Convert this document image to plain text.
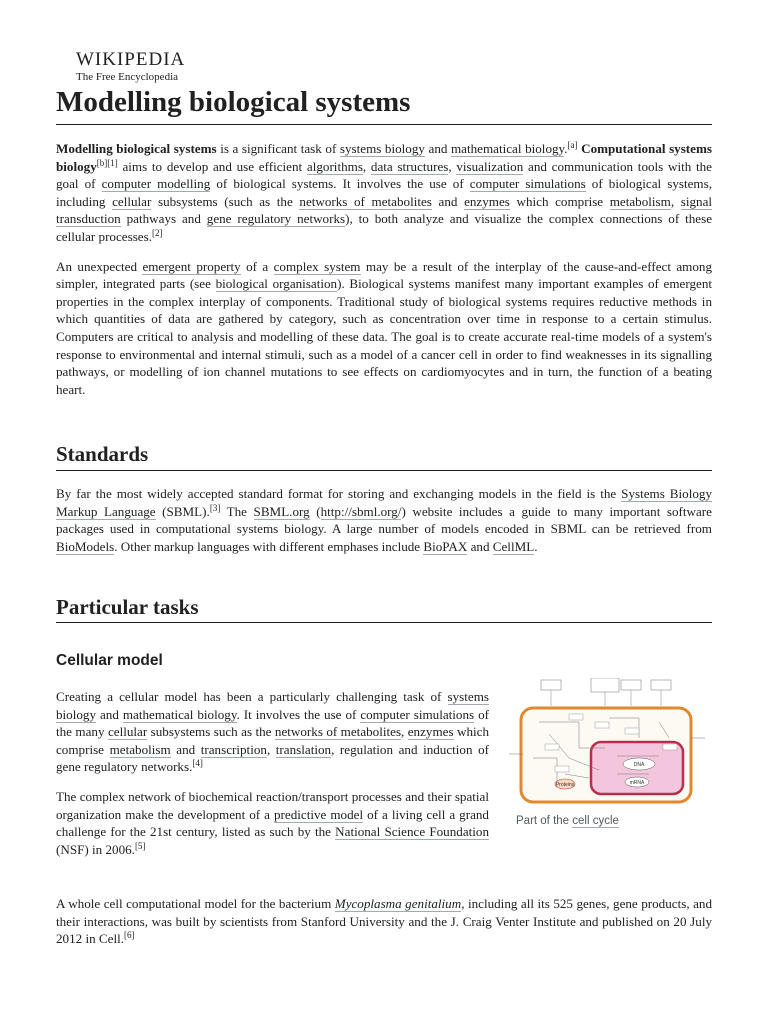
WIKIPEDIA
The Free Encyclopedia
Modelling biological systems

Modelling biological systems is a significant task of systems biology and mathematical biology.[a] Computational systems biology[b][1] aims to develop and use efficient algorithms, data structures, visualization and communication tools with the goal of computer modelling of biological systems. It involves the use of computer simulations of biological systems, including cellular subsystems (such as the networks of metabolites and enzymes which comprise metabolism, signal transduction pathways and gene regulatory networks), to both analyze and visualize the complex connections of these cellular processes.[2]

An unexpected emergent property of a complex system may be a result of the interplay of the cause-and-effect among simpler, integrated parts (see biological organisation). Biological systems manifest many important examples of emergent properties in the complex interplay of components. Traditional study of biological systems requires reductive methods in which quantities of data are gathered by category, such as concentration over time in response to a certain stimulus. Computers are critical to analysis and modelling of these data. The goal is to create accurate real-time models of a system's response to environmental and internal stimuli, such as a model of a cancer cell in order to find weaknesses in its signalling pathways, or modelling of ion channel mutations to see effects on cardiomyocytes and in turn, the function of a beating heart.

Standards

By far the most widely accepted standard format for storing and exchanging models in the field is the Systems Biology Markup Language (SBML).[3] The SBML.org (http://sbml.org/) website includes a guide to many important software packages used in computational systems biology. A large number of models encoded in SBML can be retrieved from BioModels. Other markup languages with different emphases include BioPAX and CellML.

Particular tasks
Cellular model

Creating a cellular model has been a particularly challenging task of systems biology and mathematical biology. It involves the use of computer simulations of the many cellular subsystems such as the networks of metabolites, enzymes which comprise metabolism and transcription, translation, regulation and induction of gene regulatory networks.[4]

The complex network of biochemical reaction/transport processes and their spatial organization make the development of a predictive model of a living cell a grand challenge for the 21st century, listed as such by the National Science Foundation (NSF) in 2006.[5]

Proteins
DNA
mRNA
Part of the cell cycle

A whole cell computational model for the bacterium Mycoplasma genitalium, including all its 525 genes, gene products, and their interactions, was built by scientists from Stanford University and the J. Craig Venter Institute and published on 20 July 2012 in Cell.[6]
